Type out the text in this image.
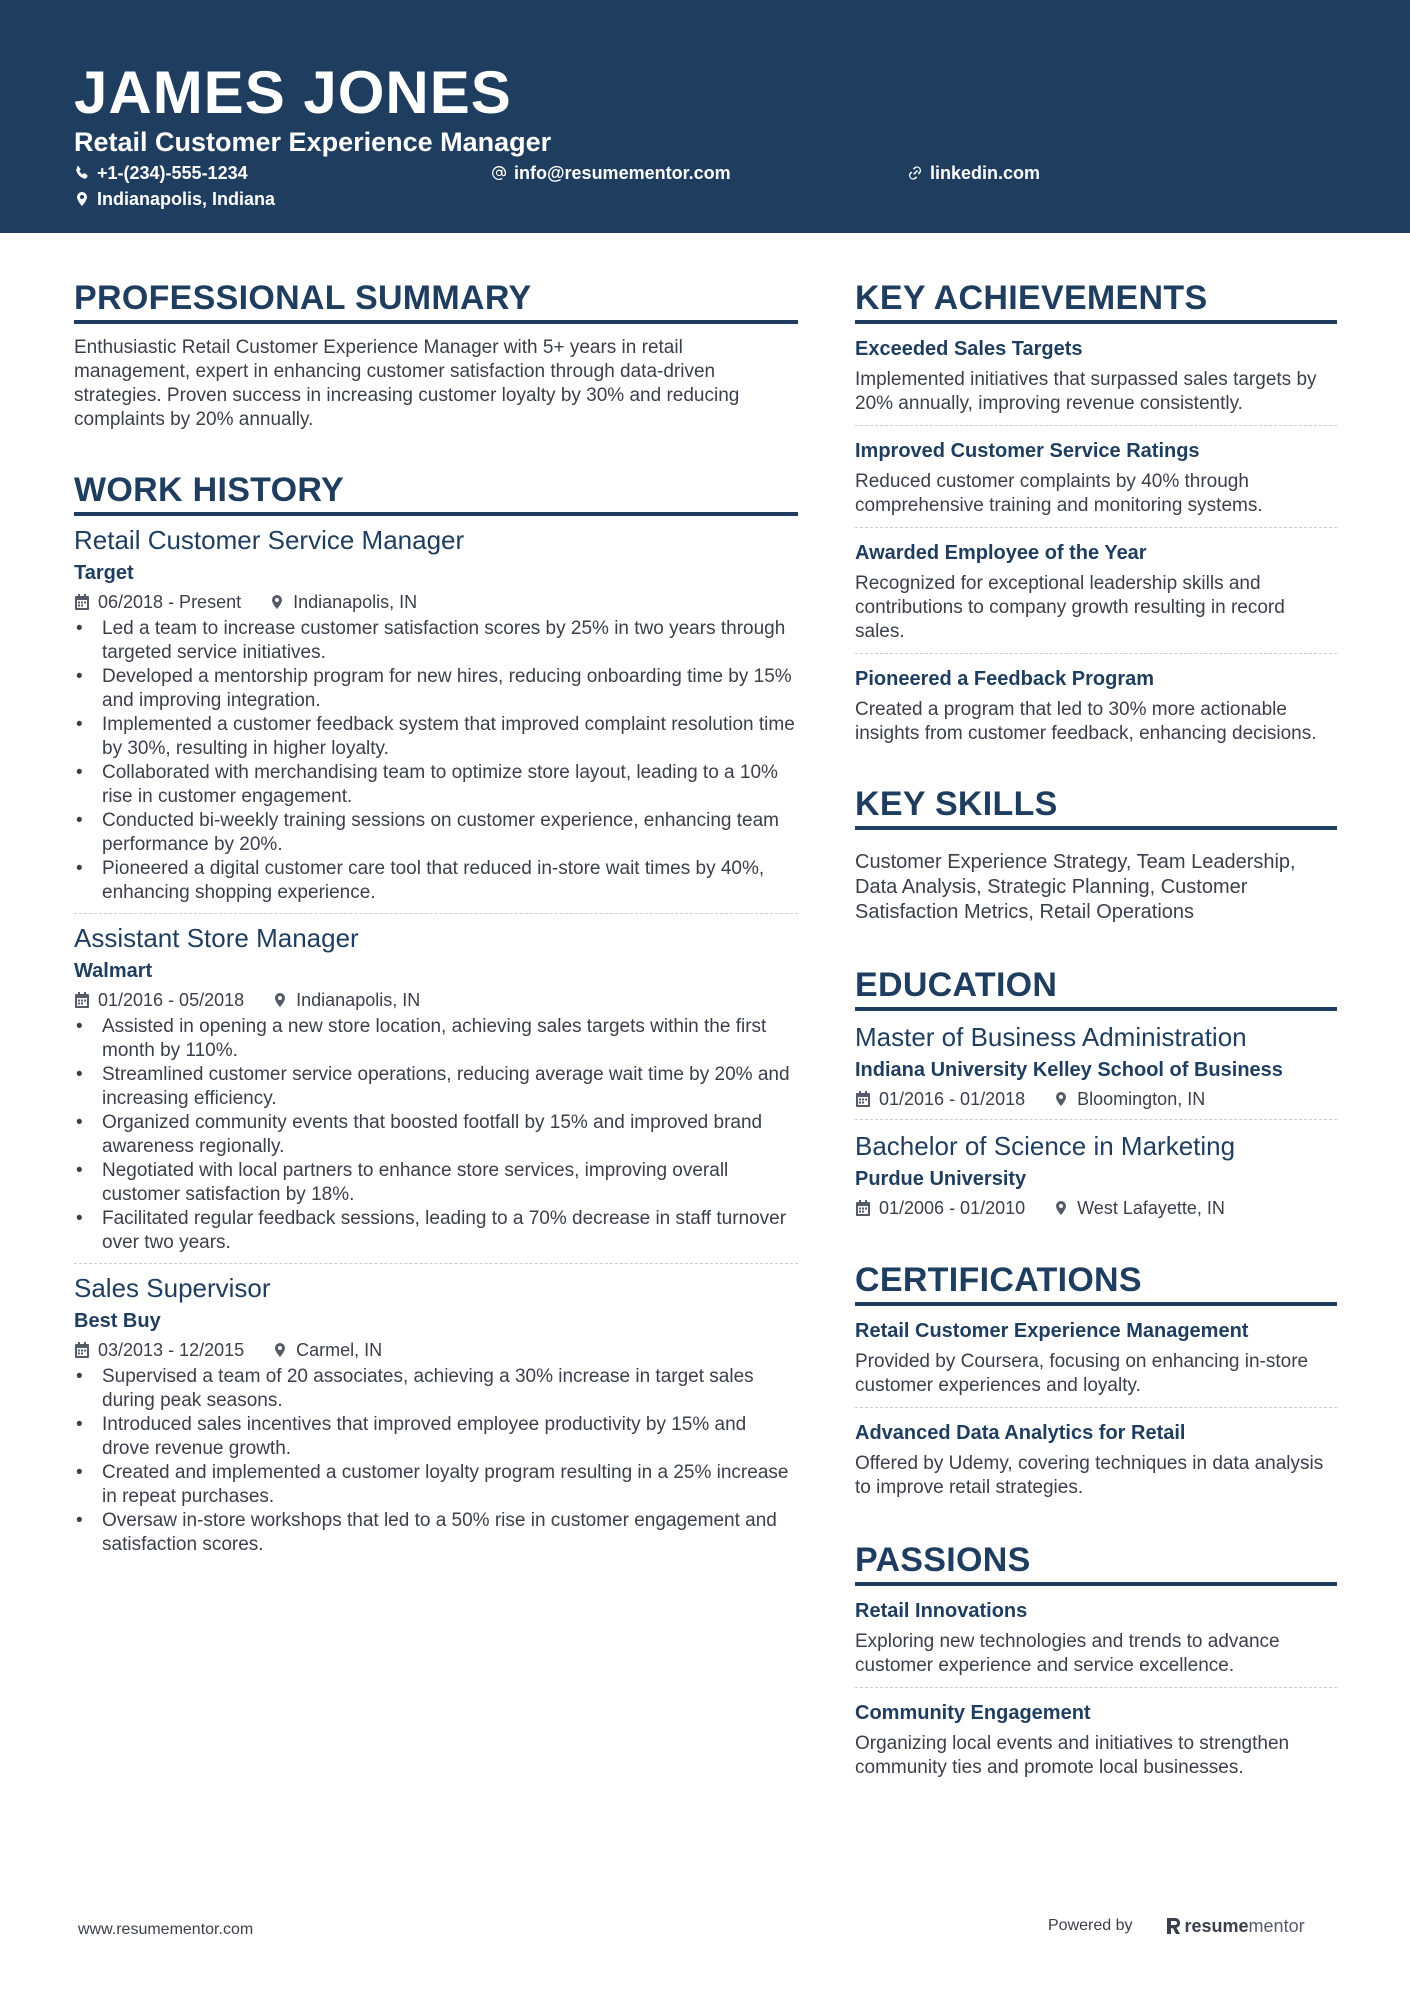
JAMES JONES
Retail Customer Experience Manager
+1-(234)-555-1234	info@resumementor.com	linkedin.com
Indianapolis, Indiana
PROFESSIONAL SUMMARY
Enthusiastic Retail Customer Experience Manager with 5+ years in retail management, expert in enhancing customer satisfaction through data-driven strategies. Proven success in increasing customer loyalty by 30% and reducing complaints by 20% annually.
WORK HISTORY
Retail Customer Service Manager
Target
06/2018 - Present	Indianapolis, IN
• Led a team to increase customer satisfaction scores by 25% in two years through targeted service initiatives.
• Developed a mentorship program for new hires, reducing onboarding time by 15% and improving integration.
• Implemented a customer feedback system that improved complaint resolution time by 30%, resulting in higher loyalty.
• Collaborated with merchandising team to optimize store layout, leading to a 10% rise in customer engagement.
• Conducted bi-weekly training sessions on customer experience, enhancing team performance by 20%.
• Pioneered a digital customer care tool that reduced in-store wait times by 40%, enhancing shopping experience.
Assistant Store Manager
Walmart
01/2016 - 05/2018	Indianapolis, IN
• Assisted in opening a new store location, achieving sales targets within the first month by 110%.
• Streamlined customer service operations, reducing average wait time by 20% and increasing efficiency.
• Organized community events that boosted footfall by 15% and improved brand awareness regionally.
• Negotiated with local partners to enhance store services, improving overall customer satisfaction by 18%.
• Facilitated regular feedback sessions, leading to a 70% decrease in staff turnover over two years.
Sales Supervisor
Best Buy
03/2013 - 12/2015	Carmel, IN
• Supervised a team of 20 associates, achieving a 30% increase in target sales during peak seasons.
• Introduced sales incentives that improved employee productivity by 15% and drove revenue growth.
• Created and implemented a customer loyalty program resulting in a 25% increase in repeat purchases.
• Oversaw in-store workshops that led to a 50% rise in customer engagement and satisfaction scores.
KEY ACHIEVEMENTS
Exceeded Sales Targets
Implemented initiatives that surpassed sales targets by 20% annually, improving revenue consistently.
Improved Customer Service Ratings
Reduced customer complaints by 40% through comprehensive training and monitoring systems.
Awarded Employee of the Year
Recognized for exceptional leadership skills and contributions to company growth resulting in record sales.
Pioneered a Feedback Program
Created a program that led to 30% more actionable insights from customer feedback, enhancing decisions.
KEY SKILLS
Customer Experience Strategy, Team Leadership, Data Analysis, Strategic Planning, Customer Satisfaction Metrics, Retail Operations
EDUCATION
Master of Business Administration
Indiana University Kelley School of Business
01/2016 - 01/2018	Bloomington, IN
Bachelor of Science in Marketing
Purdue University
01/2006 - 01/2010	West Lafayette, IN
CERTIFICATIONS
Retail Customer Experience Management
Provided by Coursera, focusing on enhancing in-store customer experiences and loyalty.
Advanced Data Analytics for Retail
Offered by Udemy, covering techniques in data analysis to improve retail strategies.
PASSIONS
Retail Innovations
Exploring new technologies and trends to advance customer experience and service excellence.
Community Engagement
Organizing local events and initiatives to strengthen community ties and promote local businesses.
www.resumementor.com	Powered by	resume mentor
